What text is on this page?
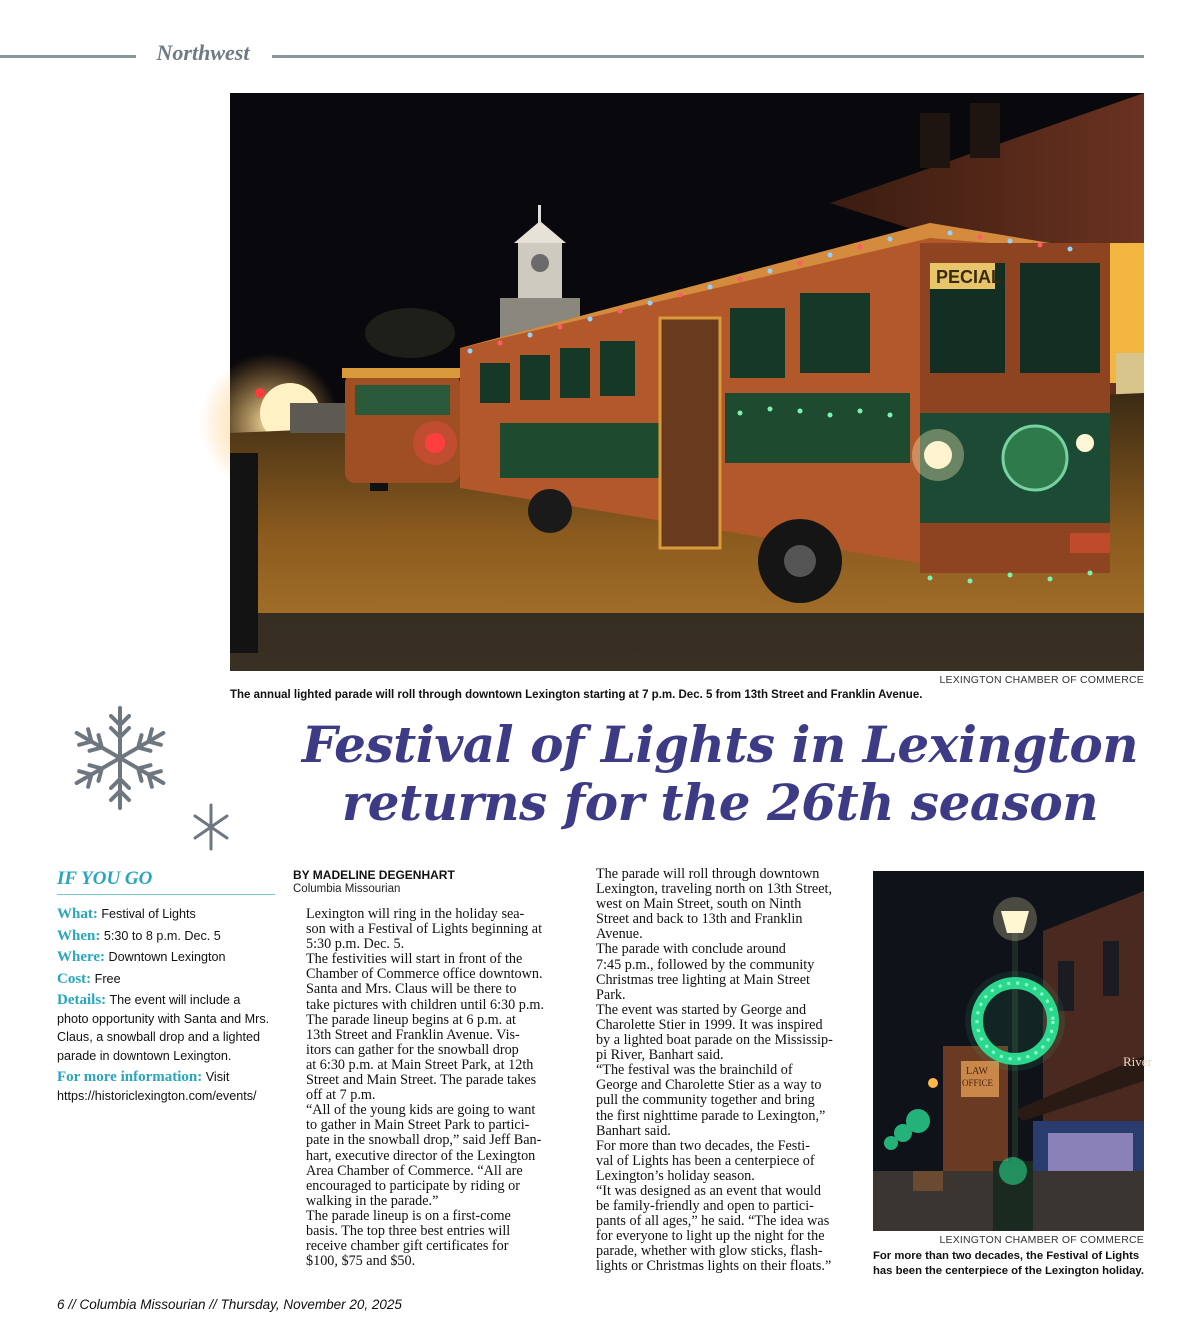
Northwest
PECIAL
LEXINGTON CHAMBER OF COMMERCE
The annual lighted parade will roll through downtown Lexington starting at 7 p.m. Dec. 5 from 13th Street and Franklin Avenue.
Festival of Lights in Lexington
returns for the 26th season
IF YOU GO
What: Festival of Lights
When: 5:30 to 8 p.m. Dec. 5
Where: Downtown Lexington
Cost: Free
Details: The event will include a photo opportunity with Santa and Mrs. Claus, a snowball drop and a lighted parade in downtown Lexington.
For more information: Visit https://historiclexington.com/events/
BY MADELINE DEGENHART
Columbia Missourian

Lexington will ring in the holiday sea-
son with a Festival of Lights beginning at
5:30 p.m. Dec. 5.

The festivities will start in front of the
Chamber of Commerce office downtown.
Santa and Mrs. Claus will be there to
take pictures with children until 6:30 p.m.

The parade lineup begins at 6 p.m. at
13th Street and Franklin Avenue. Vis-
itors can gather for the snowball drop
at 6:30 p.m. at Main Street Park, at 12th
Street and Main Street. The parade takes
off at 7 p.m.

“All of the young kids are going to want
to gather in Main Street Park to partici-
pate in the snowball drop,” said Jeff Ban-
hart, executive director of the Lexington
Area Chamber of Commerce. “All are
encouraged to participate by riding or
walking in the parade.”

The parade lineup is on a first-come
basis. The top three best entries will
receive chamber gift certificates for
$100, $75 and $50.

The parade will roll through downtown
Lexington, traveling north on 13th Street,
west on Main Street, south on Ninth
Street and back to 13th and Franklin
Avenue.

The parade with conclude around
7:45 p.m., followed by the community
Christmas tree lighting at Main Street
Park.

The event was started by George and
Charolette Stier in 1999. It was inspired
by a lighted boat parade on the Mississip-
pi River, Banhart said.

“The festival was the brainchild of
George and Charolette Stier as a way to
pull the community together and bring
the first nighttime parade to Lexington,”
Banhart said.

For more than two decades, the Festi-
val of Lights has been a centerpiece of
Lexington’s holiday season.

“It was designed as an event that would
be family-friendly and open to partici-
pants of all ages,” he said. “The idea was
for everyone to light up the night for the
parade, whether with glow sticks, flash-
lights or Christmas lights on their floats.”

River
LAW
OFFICE
LEXINGTON CHAMBER OF COMMERCE
For more than two decades, the Festival of Lights has been the centerpiece of the Lexington holiday.
6 // Columbia Missourian // Thursday, November 20, 2025
